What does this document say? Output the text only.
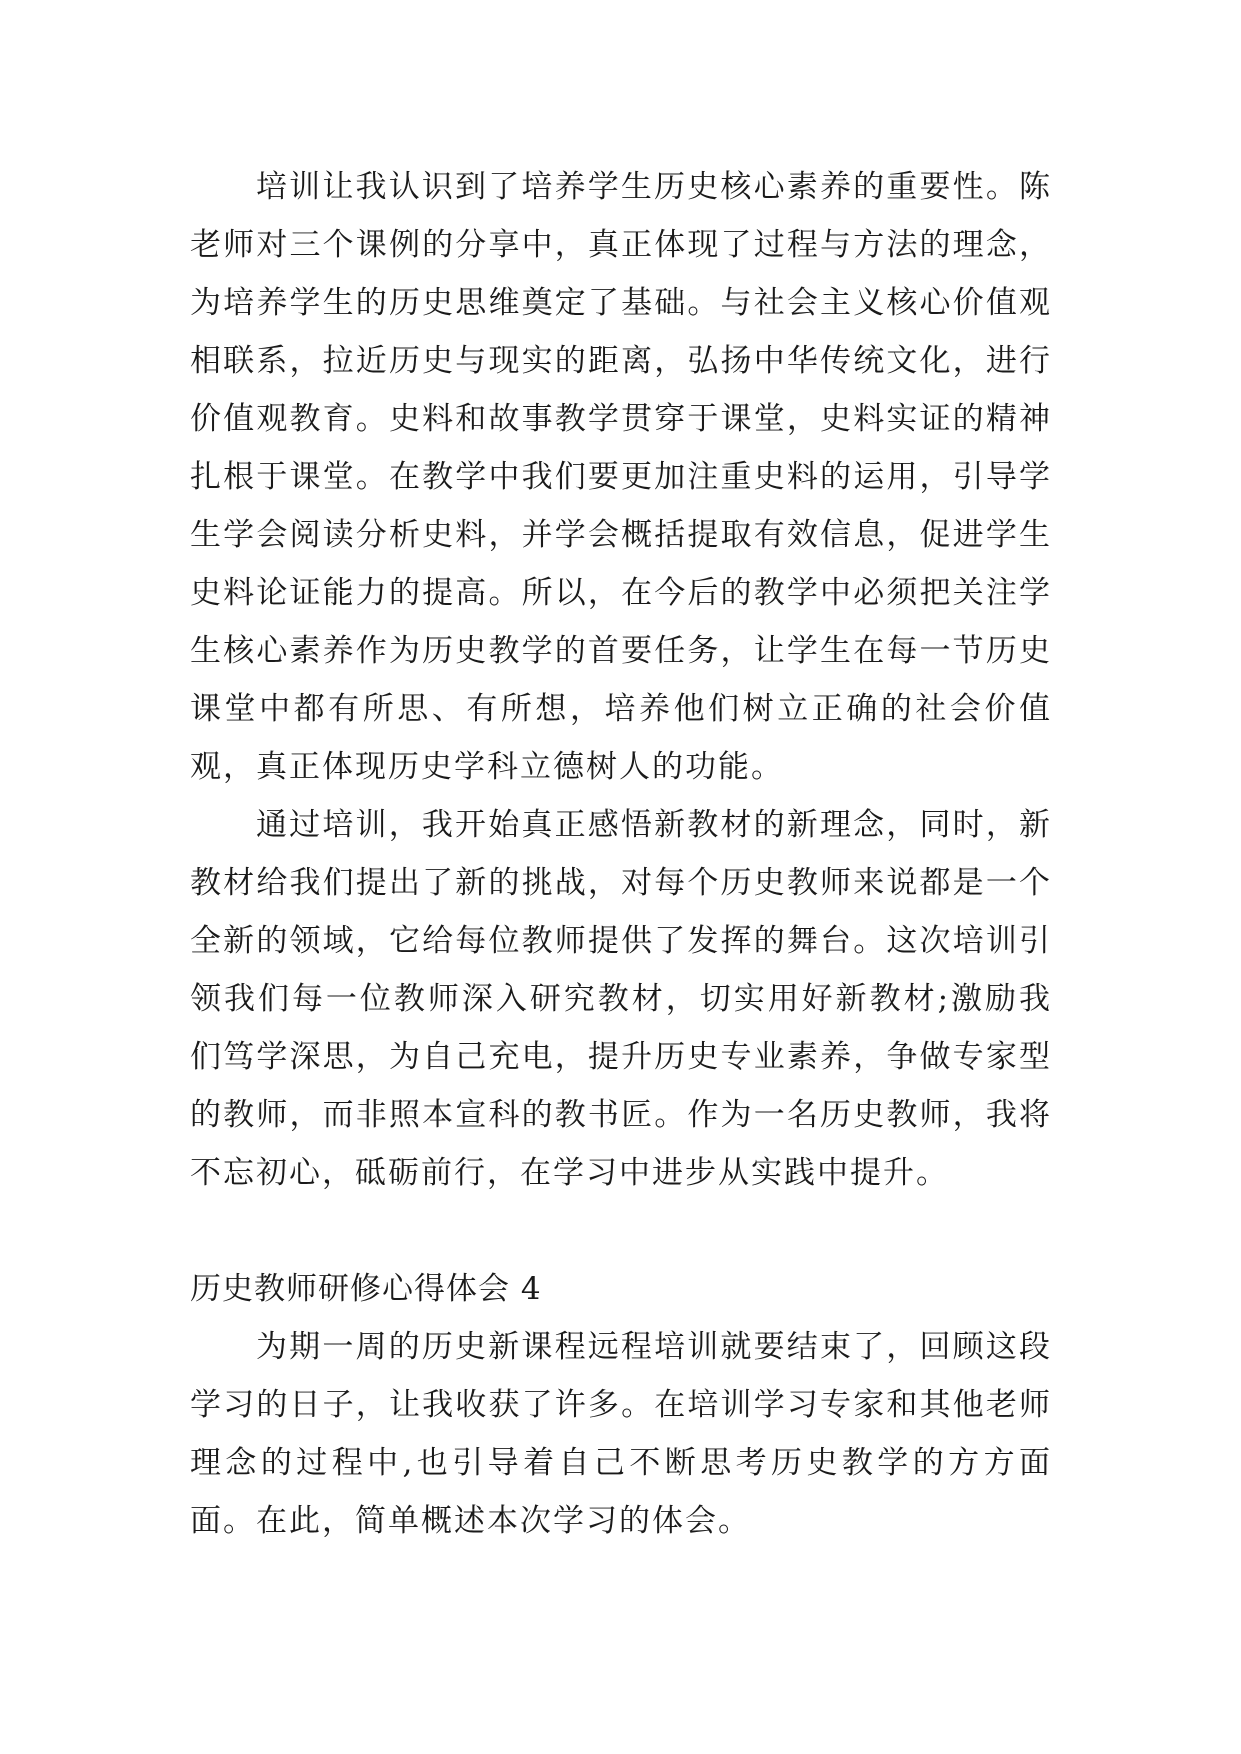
培训让我认识到了培养学生历史核心素养的重要性。陈老师对三个课例的分享中，真正体现了过程与方法的理念，为培养学生的历史思维奠定了基础。与社会主义核心价值观相联系，拉近历史与现实的距离，弘扬中华传统文化，进行价值观教育。史料和故事教学贯穿于课堂，史料实证的精神扎根于课堂。在教学中我们要更加注重史料的运用，引导学生学会阅读分析史料，并学会概括提取有效信息，促进学生史料论证能力的提高。所以，在今后的教学中必须把关注学生核心素养作为历史教学的首要任务，让学生在每一节历史课堂中都有所思、有所想，培养他们树立正确的社会价值观，真正体现历史学科立德树人的功能。

通过培训，我开始真正感悟新教材的新理念，同时，新教材给我们提出了新的挑战，对每个历史教师来说都是一个全新的领域，它给每位教师提供了发挥的舞台。这次培训引领我们每一位教师深入研究教材，切实用好新教材;激励我们笃学深思，为自己充电，提升历史专业素养，争做专家型的教师，而非照本宣科的教书匠。作为一名历史教师，我将不忘初心，砥砺前行，在学习中进步从实践中提升。

历史教师研修心得体会 4

为期一周的历史新课程远程培训就要结束了，回顾这段学习的日子，让我收获了许多。在培训学习专家和其他老师理念的过程中,也引导着自己不断思考历史教学的方方面面。在此，简单概述本次学习的体会。
